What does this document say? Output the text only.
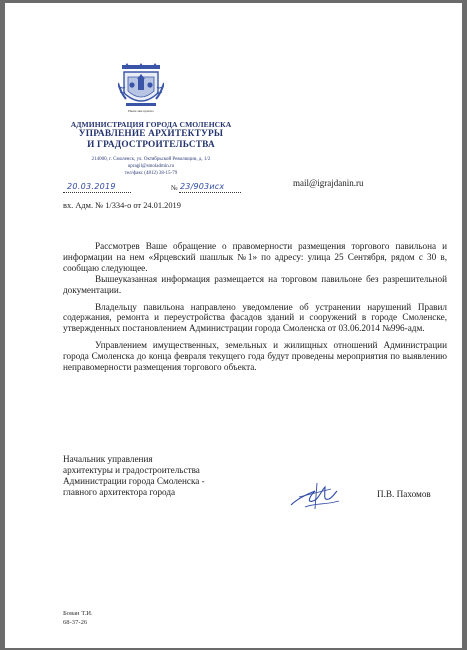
Ныне аки присно
АДМИНИСТРАЦИЯ ГОРОДА СМОЛЕНСКА
УПРАВЛЕНИЕ АРХИТЕКТУРЫ
И ГРАДОСТРОИТЕЛЬСТВА
214000, г. Смоленск, ул. Октябрьской Революции, д. 1/2
upragil@smoladmin.ru
тел/факс (4812) 38-15-79
20.03.2019	№ 23/903исх
вх. Адм. № 1/334-о от 24.01.2019
mail@igrajdanin.ru

Рассмотрев Ваше обращение о правомерности размещения торгового павильона и информации на нем «Ярцевский шашлык №1» по адресу: улица 25 Сентября, рядом с 30 в, сообщаю следующее.

Вышеуказанная информация размещается на торговом павильоне без разрешительной документации.

Владельцу павильона направлено уведомление об устранении нарушений Правил содержания, ремонта и переустройства фасадов зданий и сооружений в городе Смоленске, утвержденных постановлением Администрации города Смоленска от 03.06.2014 №996-адм.

Управлением имущественных, земельных и жилищных отношений Администрации города Смоленска до конца февраля текущего года будут проведены мероприятия по выявлению неправомерности размещения торгового объекта.

Начальник управления
архитектуры и градостроительства
Администрации города Смоленска -
главного архитектора города	П.В. Пахомов
Бован Т.И.
68-37-26
